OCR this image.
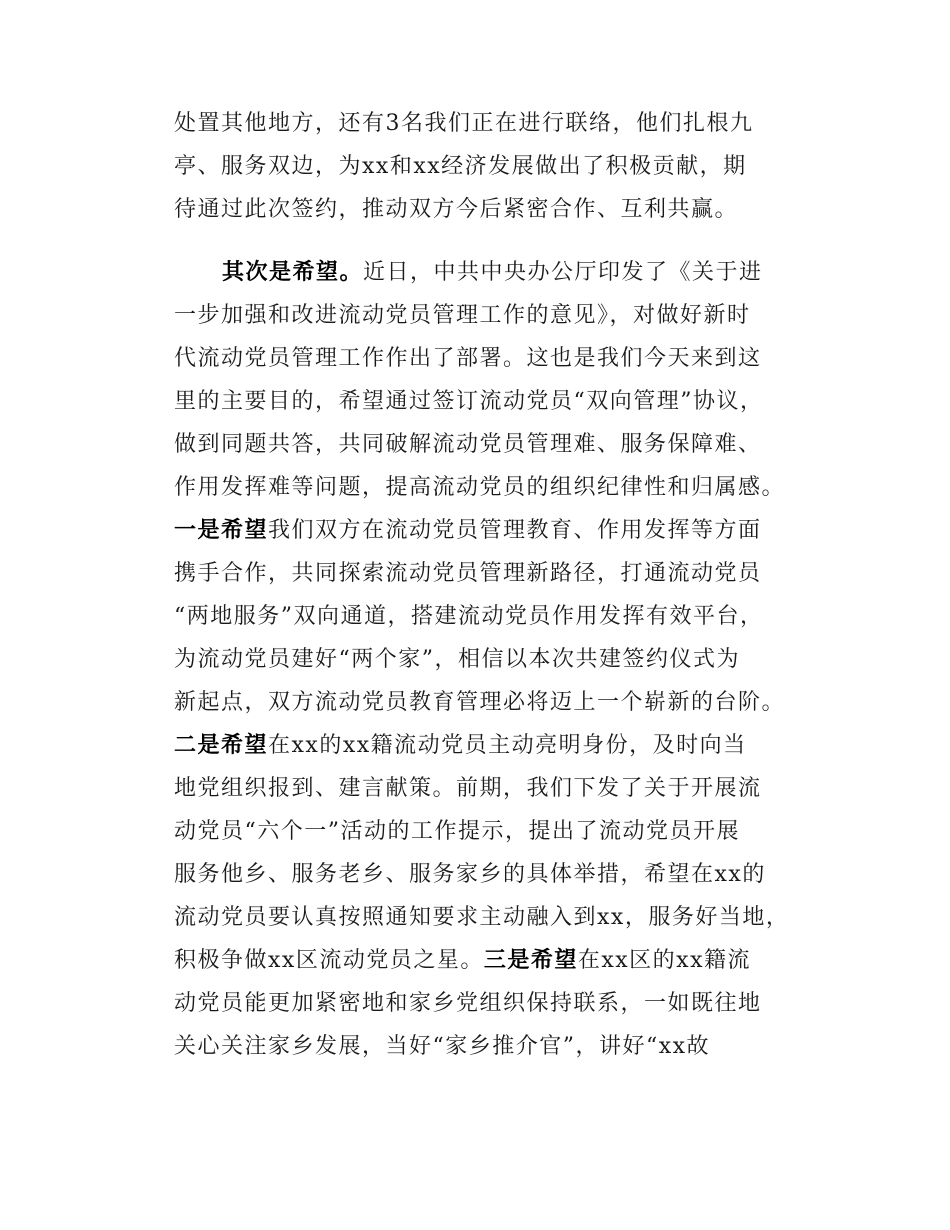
处置其他地方，还有3名我们正在进行联络，他们扎根九
亭、服务双边，为xx和xx经济发展做出了积极贡献，期
待通过此次签约，推动双方今后紧密合作、互利共赢。
其次是希望。近日，中共中央办公厅印发了《关于进
一步加强和改进流动党员管理工作的意见》，对做好新时
代流动党员管理工作作出了部署。这也是我们今天来到这
里的主要目的，希望通过签订流动党员“双向管理”协议，
做到同题共答，共同破解流动党员管理难、服务保障难、
作用发挥难等问题，提高流动党员的组织纪律性和归属感。
一是希望我们双方在流动党员管理教育、作用发挥等方面
携手合作，共同探索流动党员管理新路径，打通流动党员
“两地服务”双向通道，搭建流动党员作用发挥有效平台，
为流动党员建好“两个家”，相信以本次共建签约仪式为
新起点，双方流动党员教育管理必将迈上一个崭新的台阶。
二是希望在xx的xx籍流动党员主动亮明身份，及时向当
地党组织报到、建言献策。前期，我们下发了关于开展流
动党员“六个一”活动的工作提示，提出了流动党员开展
服务他乡、服务老乡、服务家乡的具体举措，希望在xx的
流动党员要认真按照通知要求主动融入到xx，服务好当地，
积极争做xx区流动党员之星。三是希望在xx区的xx籍流
动党员能更加紧密地和家乡党组织保持联系，一如既往地
关心关注家乡发展，当好“家乡推介官”，讲好“xx故
